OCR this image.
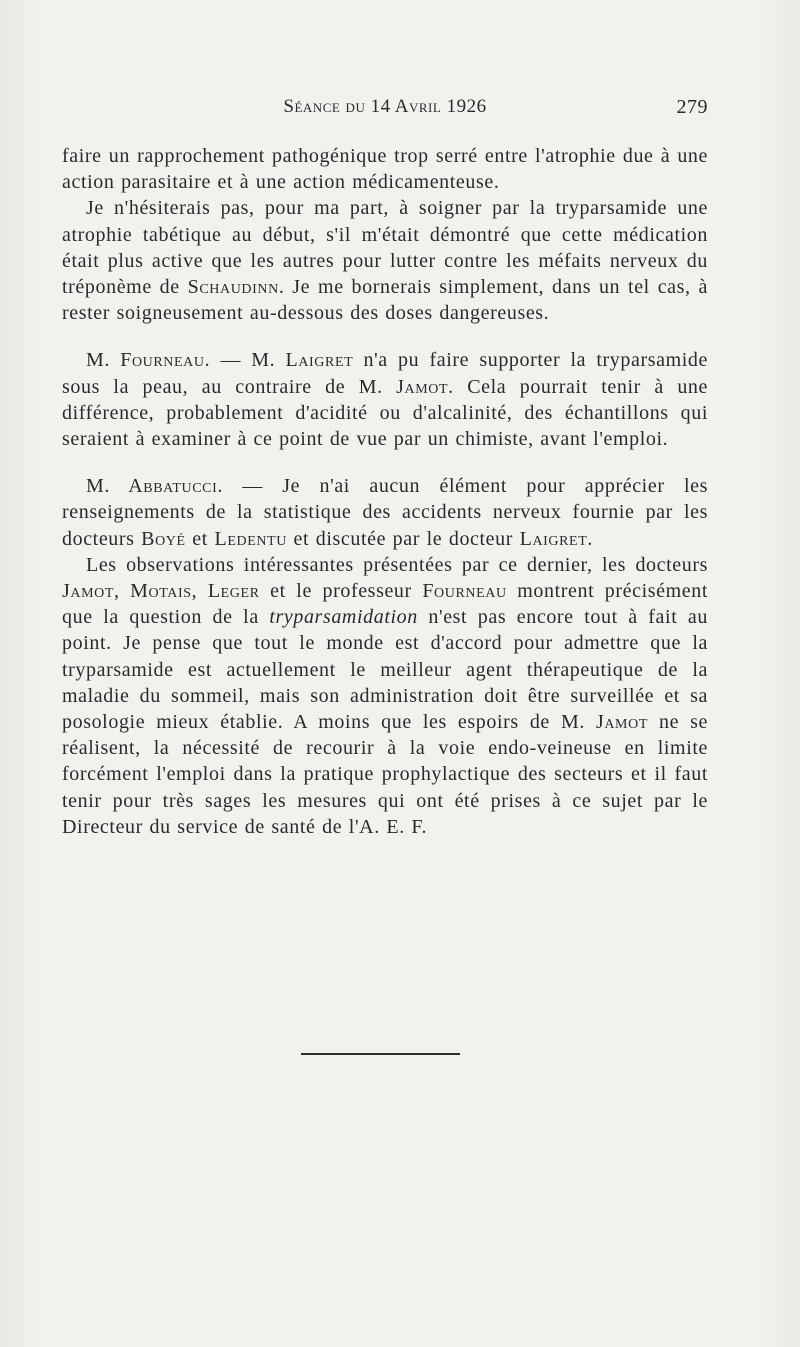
Séance du 14 Avril 1926	279

faire un rapprochement pathogénique trop serré entre l'atrophie due à une action parasitaire et à une action médicamenteuse.

Je n'hésiterais pas, pour ma part, à soigner par la tryparsamide une atrophie tabétique au début, s'il m'était démontré que cette médication était plus active que les autres pour lutter contre les méfaits nerveux du tréponème de Schaudinn. Je me bornerais simplement, dans un tel cas, à rester soigneusement au-dessous des doses dangereuses.

M. Fourneau. — M. Laigret n'a pu faire supporter la tryparsamide sous la peau, au contraire de M. Jamot. Cela pourrait tenir à une différence, probablement d'acidité ou d'alcalinité, des échantillons qui seraient à examiner à ce point de vue par un chimiste, avant l'emploi.

M. Abbatucci. — Je n'ai aucun élément pour apprécier les renseignements de la statistique des accidents nerveux fournie par les docteurs Boyé et Ledentu et discutée par le docteur Laigret.

Les observations intéressantes présentées par ce dernier, les docteurs Jamot, Motais, Leger et le professeur Fourneau montrent précisément que la question de la tryparsamidation n'est pas encore tout à fait au point. Je pense que tout le monde est d'accord pour admettre que la tryparsamide est actuellement le meilleur agent thérapeutique de la maladie du sommeil, mais son administration doit être surveillée et sa posologie mieux établie. A moins que les espoirs de M. Jamot ne se réalisent, la nécessité de recourir à la voie endo-veineuse en limite forcément l'emploi dans la pratique prophylactique des secteurs et il faut tenir pour très sages les mesures qui ont été prises à ce sujet par le Directeur du service de santé de l'A. E. F.
